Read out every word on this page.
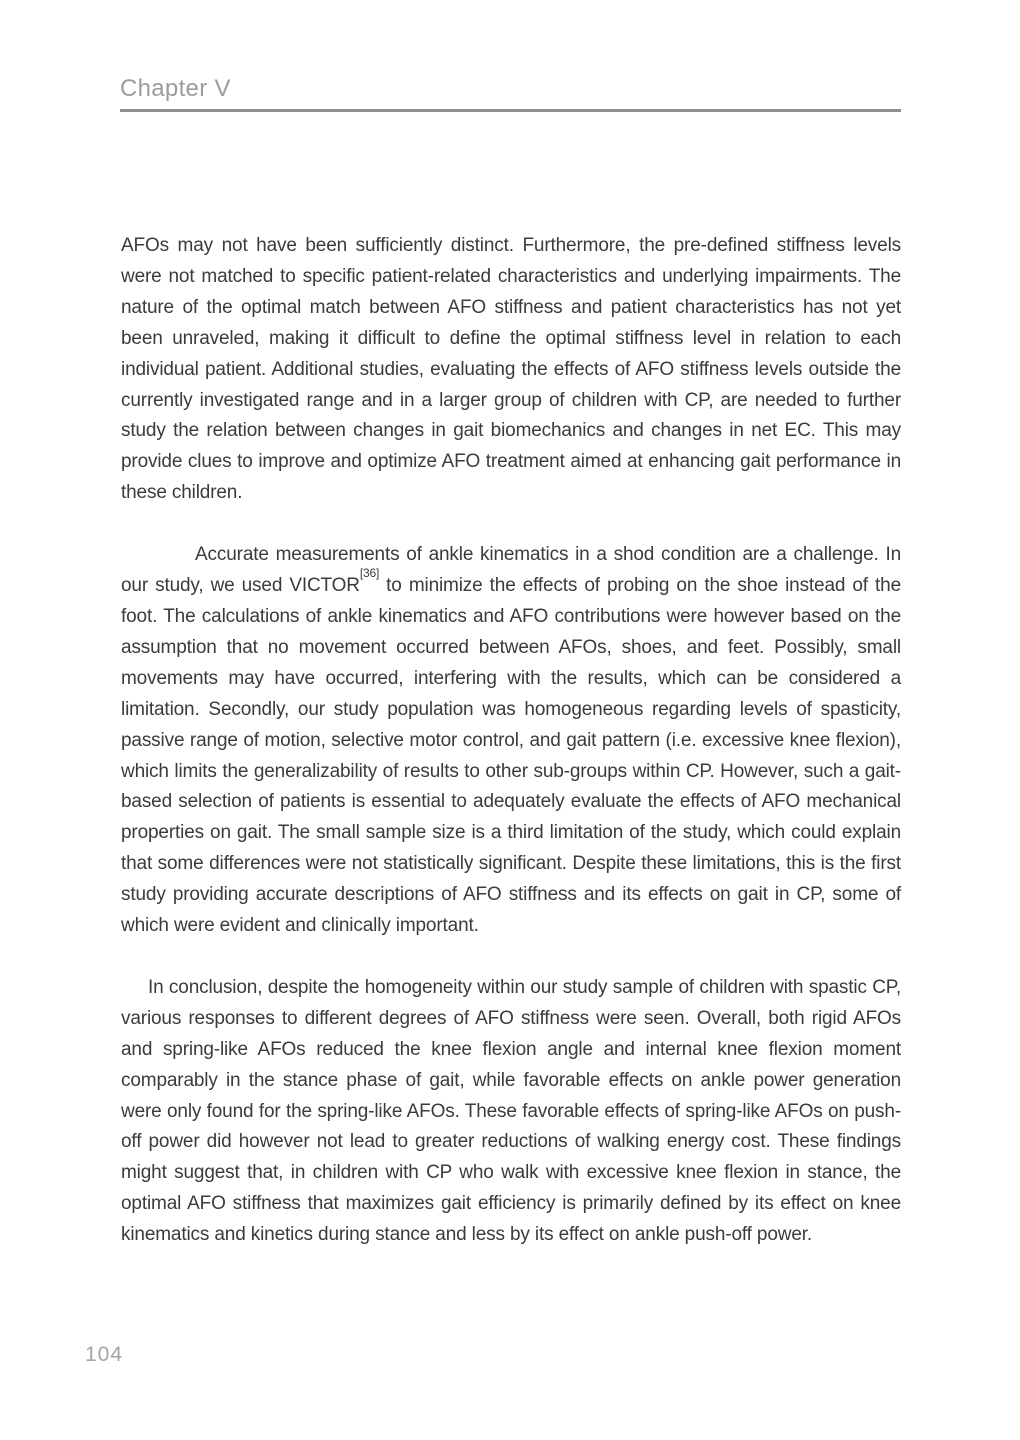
Chapter V

AFOs may not have been sufficiently distinct. Furthermore, the pre-defined stiffness levels were not matched to specific patient-related characteristics and underlying impairments. The nature of the optimal match between AFO stiffness and patient characteristics has not yet been unraveled, making it difficult to define the optimal stiffness level in relation to each individual patient. Additional studies, evaluating the effects of AFO stiffness levels outside the currently investigated range and in a larger group of children with CP, are needed to further study the relation between changes in gait biomechanics and changes in net EC. This may provide clues to improve and optimize AFO treatment aimed at enhancing gait performance in these children.

Accurate measurements of ankle kinematics in a shod condition are a challenge. In our study, we used VICTOR[36] to minimize the effects of probing on the shoe instead of the foot. The calculations of ankle kinematics and AFO contributions were however based on the assumption that no movement occurred between AFOs, shoes, and feet. Possibly, small movements may have occurred, interfering with the results, which can be considered a limitation. Secondly, our study population was homogeneous regarding levels of spasticity, passive range of motion, selective motor control, and gait pattern (i.e. excessive knee flexion), which limits the generalizability of results to other sub-groups within CP. However, such a gait-based selection of patients is essential to adequately evaluate the effects of AFO mechanical properties on gait. The small sample size is a third limitation of the study, which could explain that some differences were not statistically significant. Despite these limitations, this is the first study providing accurate descriptions of AFO stiffness and its effects on gait in CP, some of which were evident and clinically important.

In conclusion, despite the homogeneity within our study sample of children with spastic CP, various responses to different degrees of AFO stiffness were seen. Overall, both rigid AFOs and spring-like AFOs reduced the knee flexion angle and internal knee flexion moment comparably in the stance phase of gait, while favorable effects on ankle power generation were only found for the spring-like AFOs. These favorable effects of spring-like AFOs on push-off power did however not lead to greater reductions of walking energy cost. These findings might suggest that, in children with CP who walk with excessive knee flexion in stance, the optimal AFO stiffness that maximizes gait efficiency is primarily defined by its effect on knee kinematics and kinetics during stance and less by its effect on ankle push-off power.

104
